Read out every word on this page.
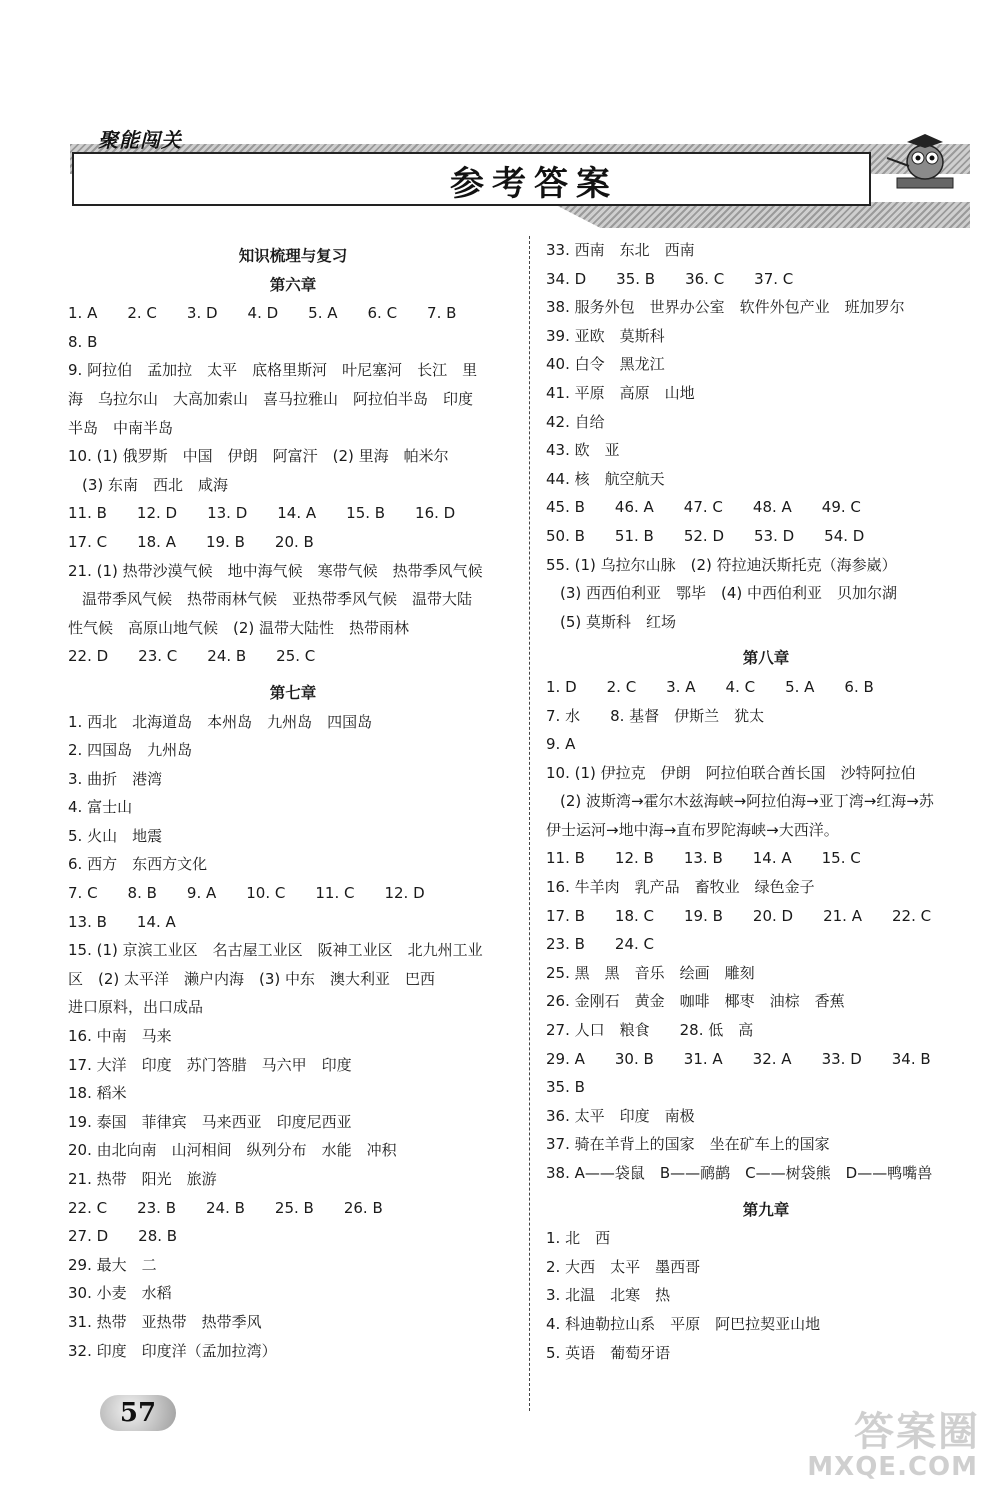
聚能闯关
参考答案
知识梳理与复习
第六章
1. A　　2. C　　3. D　　4. D　　5. A　　6. C　　7. B
8. B
9. 阿拉伯　孟加拉　太平　底格里斯河　叶尼塞河　长江　里
海　乌拉尔山　大高加索山　喜马拉雅山　阿拉伯半岛　印度
半岛　中南半岛
10. (1) 俄罗斯　中国　伊朗　阿富汗　(2) 里海　帕米尔
(3) 东南　西北　咸海
11. B　　12. D　　13. D　　14. A　　15. B　　16. D
17. C　　18. A　　19. B　　20. B
21. (1) 热带沙漠气候　地中海气候　寒带气候　热带季风气候
温带季风气候　热带雨林气候　亚热带季风气候　温带大陆
性气候　高原山地气候　(2) 温带大陆性　热带雨林
22. D　　23. C　　24. B　　25. C
第七章
1. 西北　北海道岛　本州岛　九州岛　四国岛
2. 四国岛　九州岛
3. 曲折　港湾
4. 富士山
5. 火山　地震
6. 西方　东西方文化
7. C　　8. B　　9. A　　10. C　　11. C　　12. D
13. B　　14. A
15. (1) 京滨工业区　名古屋工业区　阪神工业区　北九州工业
区　(2) 太平洋　濑户内海　(3) 中东　澳大利亚　巴西
进口原料，出口成品
16. 中南　马来
17. 大洋　印度　苏门答腊　马六甲　印度
18. 稻米
19. 泰国　菲律宾　马来西亚　印度尼西亚
20. 由北向南　山河相间　纵列分布　水能　冲积
21. 热带　阳光　旅游
22. C　　23. B　　24. B　　25. B　　26. B
27. D　　28. B
29. 最大　二
30. 小麦　水稻
31. 热带　亚热带　热带季风
32. 印度　印度洋（孟加拉湾）
33. 西南　东北　西南
34. D　　35. B　　36. C　　37. C
38. 服务外包　世界办公室　软件外包产业　班加罗尔
39. 亚欧　莫斯科
40. 白令　黑龙江
41. 平原　高原　山地
42. 自给
43. 欧　亚
44. 核　航空航天
45. B　　46. A　　47. C　　48. A　　49. C
50. B　　51. B　　52. D　　53. D　　54. D
55. (1) 乌拉尔山脉　(2) 符拉迪沃斯托克（海参崴）
(3) 西西伯利亚　鄂毕　(4) 中西伯利亚　贝加尔湖
(5) 莫斯科　红场
第八章
1. D　　2. C　　3. A　　4. C　　5. A　　6. B
7. 水　　8. 基督　伊斯兰　犹太
9. A
10. (1) 伊拉克　伊朗　阿拉伯联合酋长国　沙特阿拉伯
(2) 波斯湾→霍尔木兹海峡→阿拉伯海→亚丁湾→红海→苏
伊士运河→地中海→直布罗陀海峡→大西洋。
11. B　　12. B　　13. B　　14. A　　15. C
16. 牛羊肉　乳产品　畜牧业　绿色金子
17. B　　18. C　　19. B　　20. D　　21. A　　22. C
23. B　　24. C
25. 黑　黑　音乐　绘画　雕刻
26. 金刚石　黄金　咖啡　椰枣　油棕　香蕉
27. 人口　粮食　　28. 低　高
29. A　　30. B　　31. A　　32. A　　33. D　　34. B
35. B
36. 太平　印度　南极
37. 骑在羊背上的国家　坐在矿车上的国家
38. A——袋鼠　B——鸸鹋　C——树袋熊　D——鸭嘴兽
第九章
1. 北　西
2. 大西　太平　墨西哥
3. 北温　北寒　热
4. 科迪勒拉山系　平原　阿巴拉契亚山地
5. 英语　葡萄牙语
57	答案圈
MXQE.COM
